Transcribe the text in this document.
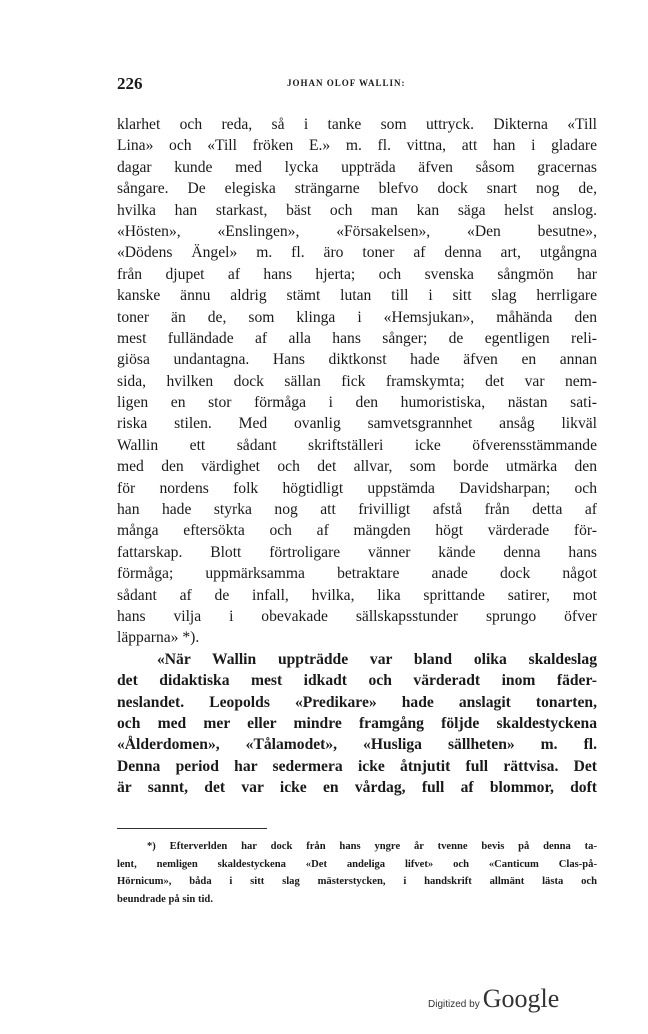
226	JOHAN OLOF WALLIN:
klarhet och reda, så i tanke som uttryck. Dikterna «Till
Lina» och «Till fröken E.» m. fl. vittna, att han i gladare
dagar kunde med lycka uppträda äfven såsom gracernas
sångare. De elegiska strängarne blefvo dock snart nog de,
hvilka han starkast, bäst och man kan säga helst anslog.
«Hösten», «Enslingen», «Försakelsen», «Den besutne»,
«Dödens Ängel» m. fl. äro toner af denna art, utgångna
från djupet af hans hjerta; och svenska sångmön har
kanske ännu aldrig stämt lutan till i sitt slag herrligare
toner än de, som klinga i «Hemsjukan», måhända den
mest fulländade af alla hans sånger; de egentligen reli-
giösa undantagna. Hans diktkonst hade äfven en annan
sida, hvilken dock sällan fick framskymta; det var nem-
ligen en stor förmåga i den humoristiska, nästan sati-
riska stilen. Med ovanlig samvetsgrannhet ansåg likväl
Wallin ett sådant skriftställeri icke öfverensstämmande
med den värdighet och det allvar, som borde utmärka den
för nordens folk högtidligt uppstämda Davidsharpan; och
han hade styrka nog att frivilligt afstå från detta af
många eftersökta och af mängden högt värderade för-
fattarskap. Blott förtroligare vänner kände denna hans
förmåga; uppmärksamma betraktare anade dock något
sådant af de infall, hvilka, lika sprittande satirer, mot
hans vilja i obevakade sällskapsstunder sprungo öfver
läpparna» *).
«När Wallin uppträdde var bland olika skaldeslag
det didaktiska mest idkadt och värderadt inom fäder-
neslandet. Leopolds «Predikare» hade anslagit tonarten,
och med mer eller mindre framgång följde skaldestyckena
«Ålderdomen», «Tålamodet», «Husliga sällheten» m. fl.
Denna period har sedermera icke åtnjutit full rättvisa. Det
är sannt, det var icke en vårdag, full af blommor, doft
*) Efterverlden har dock från hans yngre år tvenne bevis på denna ta-
lent, nemligen skaldestyckena «Det andeliga lifvet» och «Canticum Clas-på-
Hörnicum», båda i sitt slag mästerstycken, i handskrift allmänt lästa och
beundrade på sin tid.
Digitized by Google
